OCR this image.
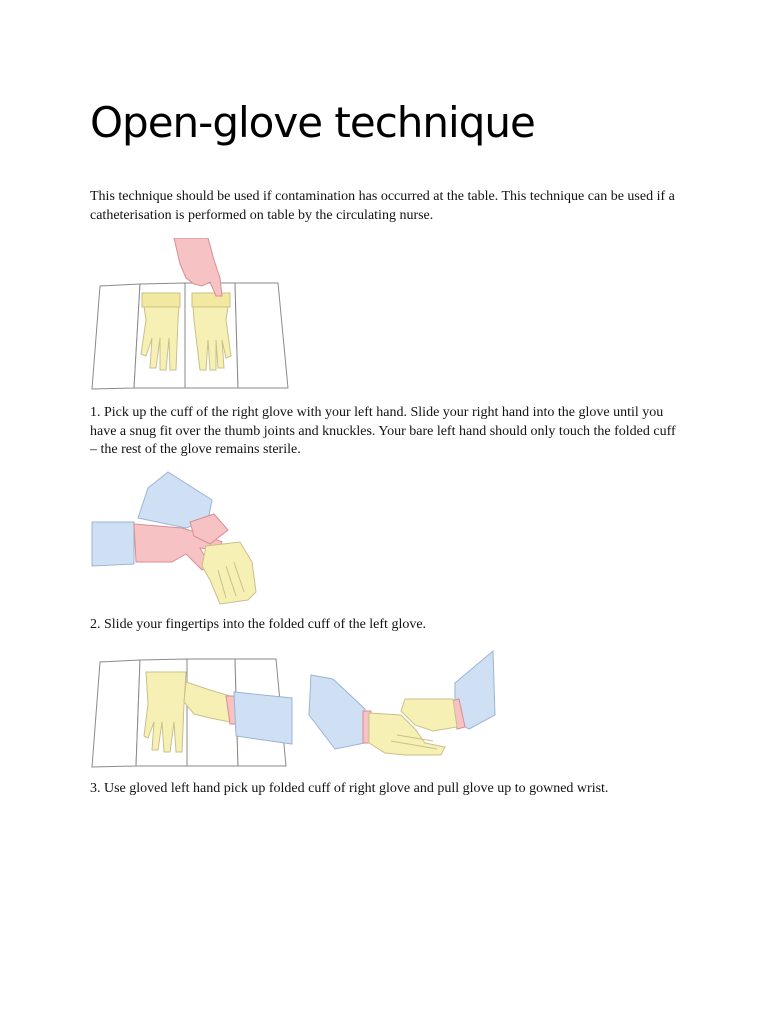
Open-glove technique

This technique should be used if contamination has occurred at the table. This technique can be used if a catheterisation is performed on table by the circulating nurse.

1. Pick up the cuff of the right glove with your left hand. Slide your right hand into the glove until you have a snug fit over the thumb joints and knuckles. Your bare left hand should only touch the folded cuff – the rest of the glove remains sterile.

2. Slide your fingertips into the folded cuff of the left glove.

3. Use gloved left hand pick up folded cuff of right glove and pull glove up to gowned wrist.
